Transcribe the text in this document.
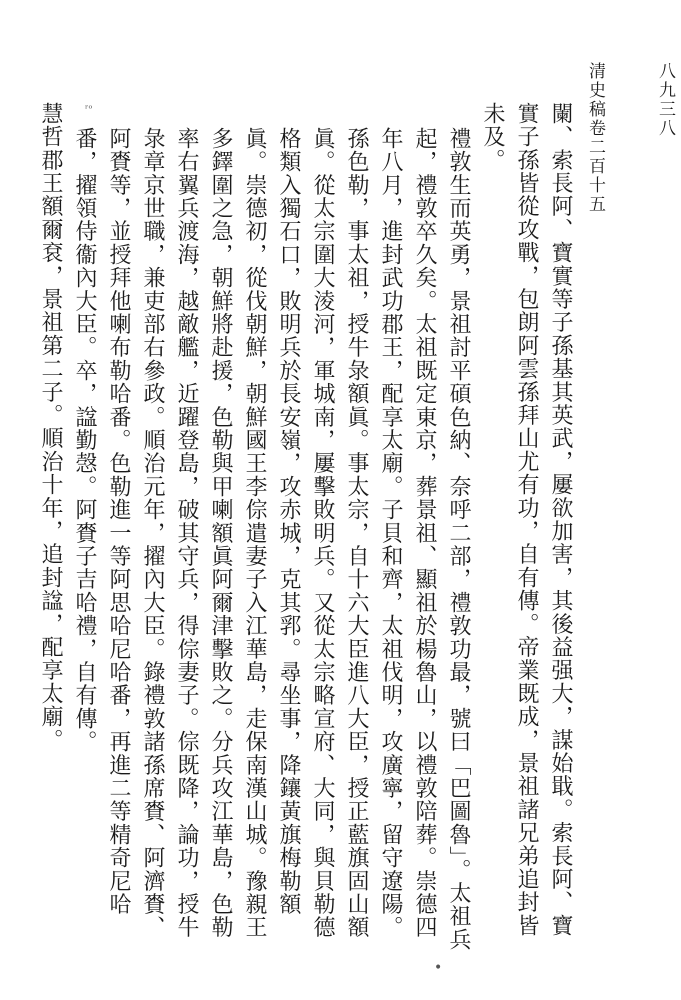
八九三八
清史稿卷二百十五

闌、索長阿、寶實等子孫基其英武，屢欲加害，其後益强大，謀始戢。索長阿、寶實子孫皆從攻戰，包朗阿雲孫拜山尤有功，自有傳。帝業既成，景祖諸兄弟追封皆未及。

禮敦生而英勇，景祖討平碩色納、奈呼二部，禮敦功最，號曰「巴圖魯」。太祖兵起，禮敦卒久矣。太祖既定東京，葬景祖、顯祖於楊魯山，以禮敦陪葬。崇德四年八月，進封武功郡王，配享太廟。子貝和齊，太祖伐明，攻廣寧，留守遼陽。

孫色勒，事太祖，授牛彔額眞。事太宗，自十六大臣進八大臣，授正藍旗固山額眞。從太宗圍大淩河，軍城南，屢擊敗明兵。又從太宗略宣府、大同，與貝勒德格類入獨石口，敗明兵於長安嶺，攻赤城，克其郛。尋坐事，降鑲黃旗梅勒額眞。崇德初，從伐朝鮮，朝鮮國王李倧遣妻子入江華島，走保南漢山城。豫親王多鐸圍之急，朝鮮將赴援，色勒與甲喇額眞阿爾津擊敗之。分兵攻江華島，色勒率右翼兵渡海，越敵艦，近躍登島，破其守兵，得倧妻子。倧既降，論功，授牛彔章京世職，兼吏部右參政。順治元年，擢內大臣。錄禮敦諸孫席賚、阿濟賚、阿賚等，並授拜他喇布勒哈番。色勒進一等阿思哈尼哈番，再進二等精奇尼哈番，擢領侍衞內大臣。卒，諡勤愨。阿賚子吉哈禮，自有傳。

慧哲郡王額爾袞，景祖第二子。順治十年，追封諡，配享太廟。	ʳᵒ
•
